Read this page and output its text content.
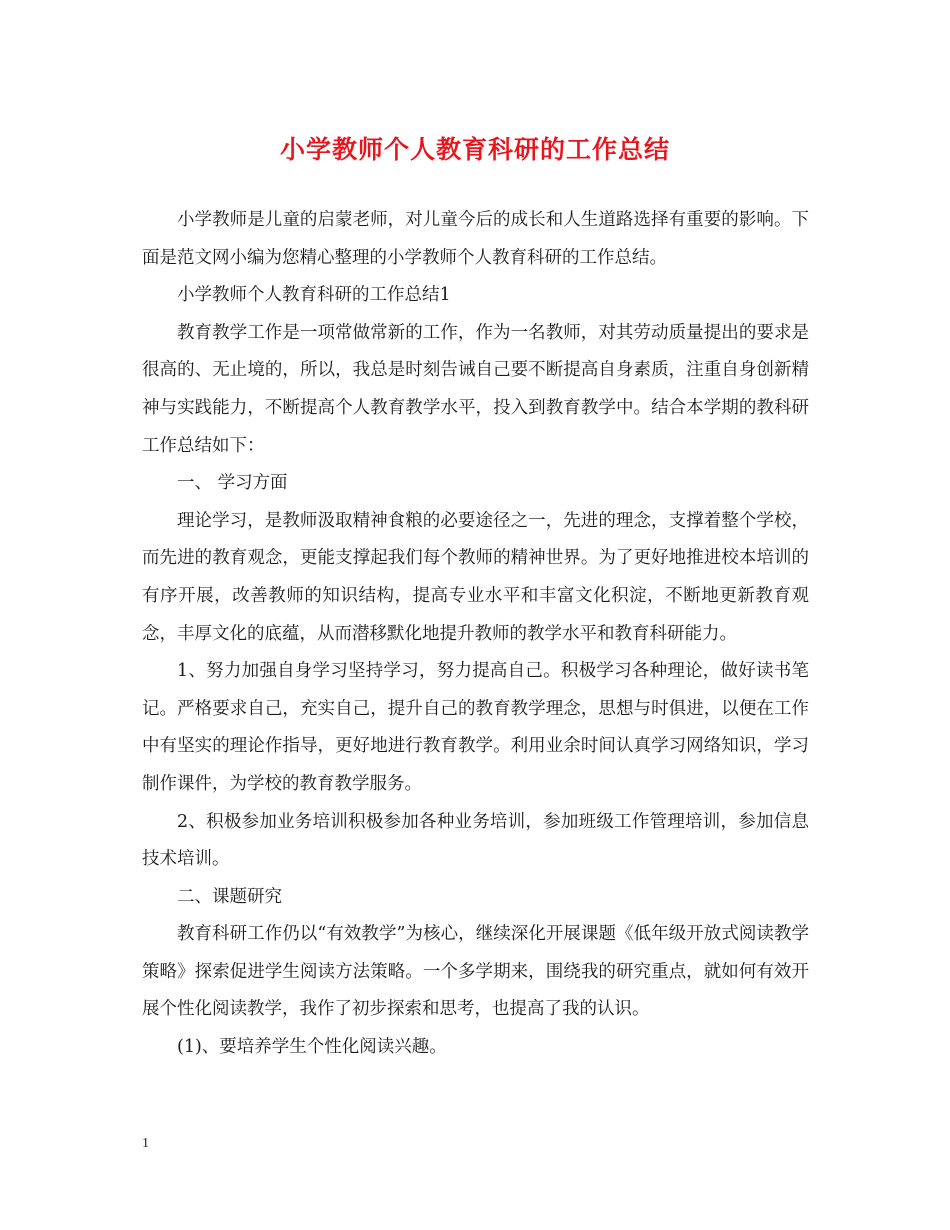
小学教师个人教育科研的工作总结

小学教师是儿童的启蒙老师，对儿童今后的成长和人生道路选择有重要的影响。下面是范文网小编为您精心整理的小学教师个人教育科研的工作总结。

小学教师个人教育科研的工作总结1

教育教学工作是一项常做常新的工作，作为一名教师，对其劳动质量提出的要求是很高的、无止境的，所以，我总是时刻告诫自己要不断提高自身素质，注重自身创新精神与实践能力，不断提高个人教育教学水平，投入到教育教学中。结合本学期的教科研工作总结如下：

一、 学习方面

理论学习，是教师汲取精神食粮的必要途径之一，先进的理念，支撑着整个学校，而先进的教育观念，更能支撑起我们每个教师的精神世界。为了更好地推进校本培训的有序开展，改善教师的知识结构，提高专业水平和丰富文化积淀，不断地更新教育观念，丰厚文化的底蕴，从而潜移默化地提升教师的教学水平和教育科研能力。

1、努力加强自身学习坚持学习，努力提高自己。积极学习各种理论，做好读书笔记。严格要求自己，充实自己，提升自己的教育教学理念，思想与时俱进，以便在工作中有坚实的理论作指导，更好地进行教育教学。利用业余时间认真学习网络知识，学习制作课件，为学校的教育教学服务。

2、积极参加业务培训积极参加各种业务培训，参加班级工作管理培训，参加信息技术培训。

二、课题研究

教育科研工作仍以“有效教学”为核心，继续深化开展课题《低年级开放式阅读教学策略》探索促进学生阅读方法策略。一个多学期来，围绕我的研究重点，就如何有效开展个性化阅读教学，我作了初步探索和思考，也提高了我的认识。

(1)、要培养学生个性化阅读兴趣。

1
